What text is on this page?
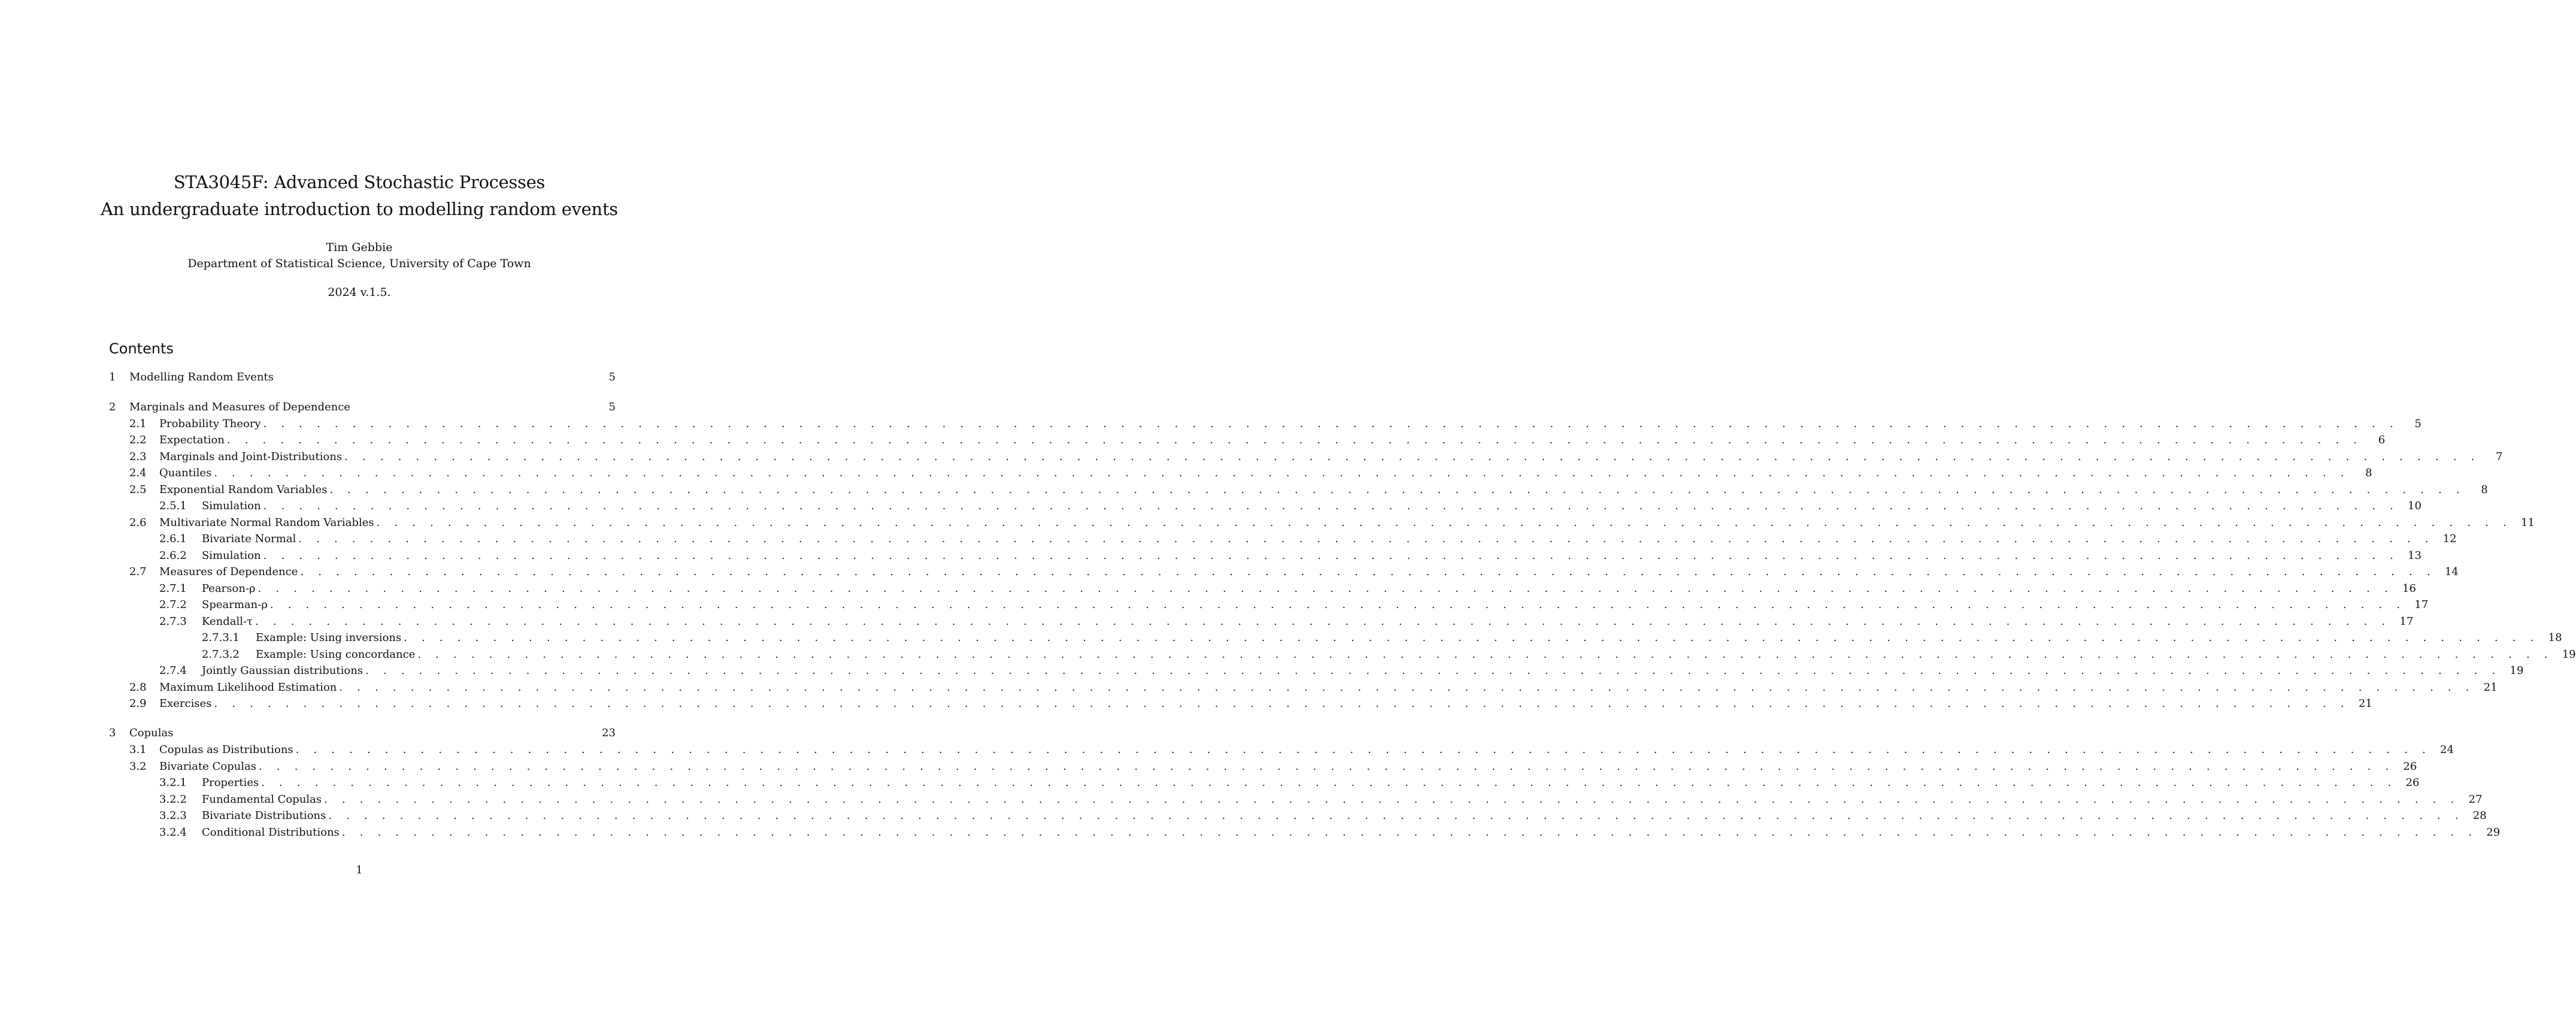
STA3045F: Advanced Stochastic Processes
An undergraduate introduction to modelling random events
Tim Gebbie
Department of Statistical Science, University of Cape Town
2024 v.1.5.
Contents
1 Modelling Random Events	5
2 Marginals and Measures of Dependence	5
2.1 Probability Theory . . . . . . . . . . . . . . . . . . . . . . . . . . . . . . . . . . . . . . . . . . . . . . . . . . . . . . . . . . . . . . . . . . . . . . . . . . . . . . . . . . . . . . . . . . . . . . . . . . . . . . . . . . . . . . . . . . . . . . . .	5
2.2 Expectation . . . . . . . . . . . . . . . . . . . . . . . . . . . . . . . . . . . . . . . . . . . . . . . . . . . . . . . . . . . . . . . . . . . . . . . . . . . . . . . . . . . . . . . . . . . . . . . . . . . . . . . . . . . . . . . . . . . . . . . .	6
2.3 Marginals and Joint-Distributions . . . . . . . . . . . . . . . . . . . . . . . . . . . . . . . . . . . . . . . . . . . . . . . . . . . . . . . . . . . . . . . . . . . . . . . . . . . . . . . . . . . . . . . . . . . . . . . . . . . . . . . . . . . . . . . . . . . . . . . .	7
2.4 Quantiles . . . . . . . . . . . . . . . . . . . . . . . . . . . . . . . . . . . . . . . . . . . . . . . . . . . . . . . . . . . . . . . . . . . . . . . . . . . . . . . . . . . . . . . . . . . . . . . . . . . . . . . . . . . . . . . . . . . . . . . .	8
2.5 Exponential Random Variables . . . . . . . . . . . . . . . . . . . . . . . . . . . . . . . . . . . . . . . . . . . . . . . . . . . . . . . . . . . . . . . . . . . . . . . . . . . . . . . . . . . . . . . . . . . . . . . . . . . . . . . . . . . . . . . . . . . . . . . .	8
2.5.1 Simulation . . . . . . . . . . . . . . . . . . . . . . . . . . . . . . . . . . . . . . . . . . . . . . . . . . . . . . . . . . . . . . . . . . . . . . . . . . . . . . . . . . . . . . . . . . . . . . . . . . . . . . . . . . . . . . . . . . . . . . . . 10
2.6 Multivariate Normal Random Variables . . . . . . . . . . . . . . . . . . . . . . . . . . . . . . . . . . . . . . . . . . . . . . . . . . . . . . . . . . . . . . . . . . . . . . . . . . . . . . . . . . . . . . . . . . . . . . . . . . . . . . . . . . . . . . . . . . . . . . . . 11
2.6.1 Bivariate Normal . . . . . . . . . . . . . . . . . . . . . . . . . . . . . . . . . . . . . . . . . . . . . . . . . . . . . . . . . . . . . . . . . . . . . . . . . . . . . . . . . . . . . . . . . . . . . . . . . . . . . . . . . . . . . . . . . . . . . . . . 12
2.6.2 Simulation . . . . . . . . . . . . . . . . . . . . . . . . . . . . . . . . . . . . . . . . . . . . . . . . . . . . . . . . . . . . . . . . . . . . . . . . . . . . . . . . . . . . . . . . . . . . . . . . . . . . . . . . . . . . . . . . . . . . . . . . 13
2.7 Measures of Dependence . . . . . . . . . . . . . . . . . . . . . . . . . . . . . . . . . . . . . . . . . . . . . . . . . . . . . . . . . . . . . . . . . . . . . . . . . . . . . . . . . . . . . . . . . . . . . . . . . . . . . . . . . . . . . . . . . . . . . . . . 14
2.7.1 Pearson-ρ . . . . . . . . . . . . . . . . . . . . . . . . . . . . . . . . . . . . . . . . . . . . . . . . . . . . . . . . . . . . . . . . . . . . . . . . . . . . . . . . . . . . . . . . . . . . . . . . . . . . . . . . . . . . . . . . . . . . . . . . 16
2.7.2 Spearman-ρ . . . . . . . . . . . . . . . . . . . . . . . . . . . . . . . . . . . . . . . . . . . . . . . . . . . . . . . . . . . . . . . . . . . . . . . . . . . . . . . . . . . . . . . . . . . . . . . . . . . . . . . . . . . . . . . . . . . . . . . . 17
2.7.3 Kendall-τ . . . . . . . . . . . . . . . . . . . . . . . . . . . . . . . . . . . . . . . . . . . . . . . . . . . . . . . . . . . . . . . . . . . . . . . . . . . . . . . . . . . . . . . . . . . . . . . . . . . . . . . . . . . . . . . . . . . . . . . . 17
2.7.3.1 Example: Using inversions . . . . . . . . . . . . . . . . . . . . . . . . . . . . . . . . . . . . . . . . . . . . . . . . . . . . . . . . . . . . . . . . . . . . . . . . . . . . . . . . . . . . . . . . . . . . . . . . . . . . . . . . . . . . . . . . . . . . . . . . 18
2.7.3.2 Example: Using concordance . . . . . . . . . . . . . . . . . . . . . . . . . . . . . . . . . . . . . . . . . . . . . . . . . . . . . . . . . . . . . . . . . . . . . . . . . . . . . . . . . . . . . . . . . . . . . . . . . . . . . . . . . . . . . . . . . . . . . . . . 19
2.7.4 Jointly Gaussian distributions . . . . . . . . . . . . . . . . . . . . . . . . . . . . . . . . . . . . . . . . . . . . . . . . . . . . . . . . . . . . . . . . . . . . . . . . . . . . . . . . . . . . . . . . . . . . . . . . . . . . . . . . . . . . . . . . . . . . . . . . 19
2.8 Maximum Likelihood Estimation . . . . . . . . . . . . . . . . . . . . . . . . . . . . . . . . . . . . . . . . . . . . . . . . . . . . . . . . . . . . . . . . . . . . . . . . . . . . . . . . . . . . . . . . . . . . . . . . . . . . . . . . . . . . . . . . . . . . . . . . 21
2.9 Exercises . . . . . . . . . . . . . . . . . . . . . . . . . . . . . . . . . . . . . . . . . . . . . . . . . . . . . . . . . . . . . . . . . . . . . . . . . . . . . . . . . . . . . . . . . . . . . . . . . . . . . . . . . . . . . . . . . . . . . . . . 21
3 Copulas	23
3.1 Copulas as Distributions . . . . . . . . . . . . . . . . . . . . . . . . . . . . . . . . . . . . . . . . . . . . . . . . . . . . . . . . . . . . . . . . . . . . . . . . . . . . . . . . . . . . . . . . . . . . . . . . . . . . . . . . . . . . . . . . . . . . . . . . 24
3.2 Bivariate Copulas . . . . . . . . . . . . . . . . . . . . . . . . . . . . . . . . . . . . . . . . . . . . . . . . . . . . . . . . . . . . . . . . . . . . . . . . . . . . . . . . . . . . . . . . . . . . . . . . . . . . . . . . . . . . . . . . . . . . . . . . 26
3.2.1 Properties . . . . . . . . . . . . . . . . . . . . . . . . . . . . . . . . . . . . . . . . . . . . . . . . . . . . . . . . . . . . . . . . . . . . . . . . . . . . . . . . . . . . . . . . . . . . . . . . . . . . . . . . . . . . . . . . . . . . . . . . 26
3.2.2 Fundamental Copulas . . . . . . . . . . . . . . . . . . . . . . . . . . . . . . . . . . . . . . . . . . . . . . . . . . . . . . . . . . . . . . . . . . . . . . . . . . . . . . . . . . . . . . . . . . . . . . . . . . . . . . . . . . . . . . . . . . . . . . . . 27
3.2.3 Bivariate Distributions . . . . . . . . . . . . . . . . . . . . . . . . . . . . . . . . . . . . . . . . . . . . . . . . . . . . . . . . . . . . . . . . . . . . . . . . . . . . . . . . . . . . . . . . . . . . . . . . . . . . . . . . . . . . . . . . . . . . . . . . 28
3.2.4 Conditional Distributions . . . . . . . . . . . . . . . . . . . . . . . . . . . . . . . . . . . . . . . . . . . . . . . . . . . . . . . . . . . . . . . . . . . . . . . . . . . . . . . . . . . . . . . . . . . . . . . . . . . . . . . . . . . . . . . . . . . . . . . . 29
1
